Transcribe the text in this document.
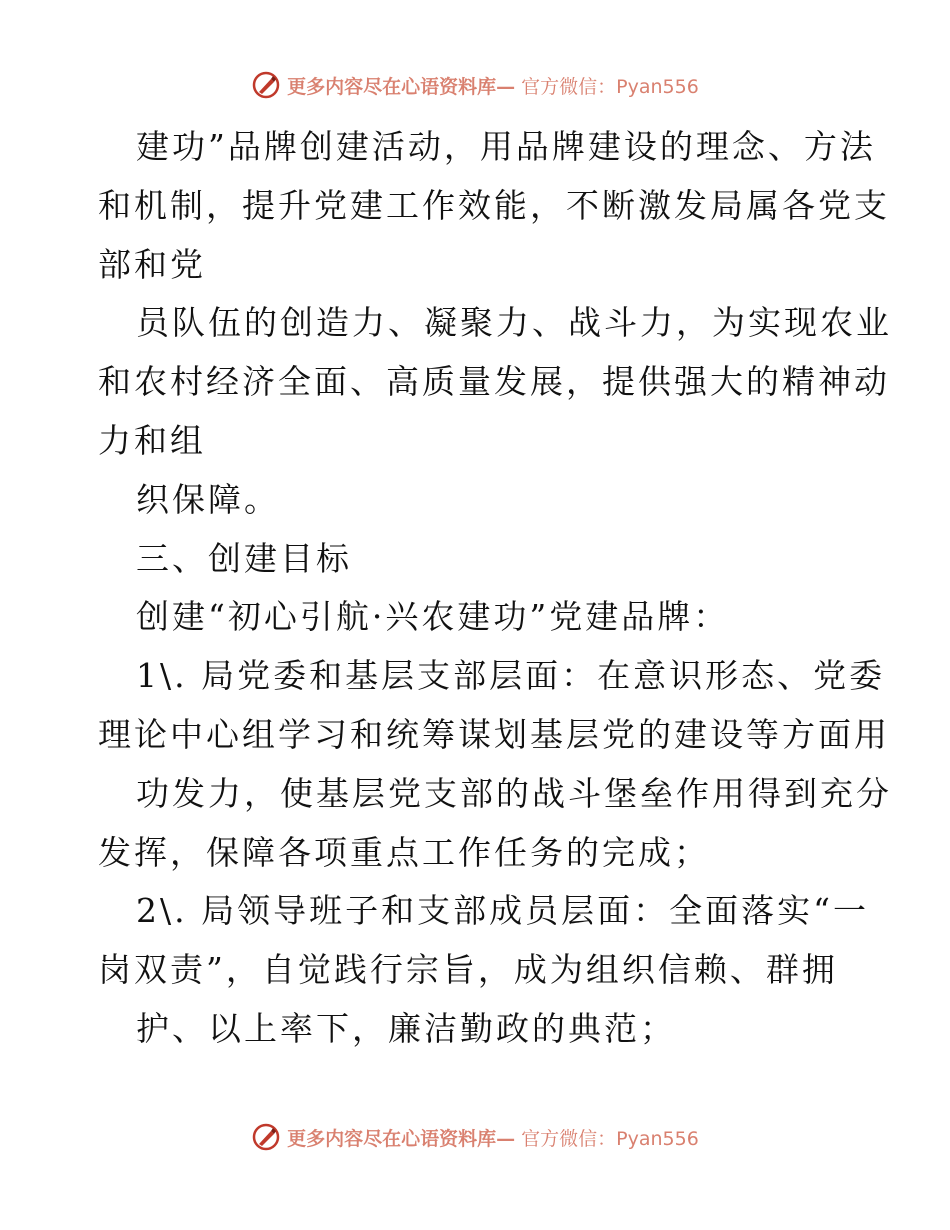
更多内容尽在心语资料库— 官方微信：Pyan556
建功”品牌创建活动，用品牌建设的理念、方法
和机制，提升党建工作效能，不断激发局属各党支
部和党
员队伍的创造力、凝聚力、战斗力，为实现农业
和农村经济全面、高质量发展，提供强大的精神动
力和组
织保障。
三、创建目标
创建“初心引航·兴农建功”党建品牌：
1\. 局党委和基层支部层面：在意识形态、党委
理论中心组学习和统筹谋划基层党的建设等方面用
功发力，使基层党支部的战斗堡垒作用得到充分
发挥，保障各项重点工作任务的完成；
2\. 局领导班子和支部成员层面：全面落实“一
岗双责”，自觉践行宗旨，成为组织信赖、群拥
护、以上率下，廉洁勤政的典范；
更多内容尽在心语资料库— 官方微信：Pyan556
